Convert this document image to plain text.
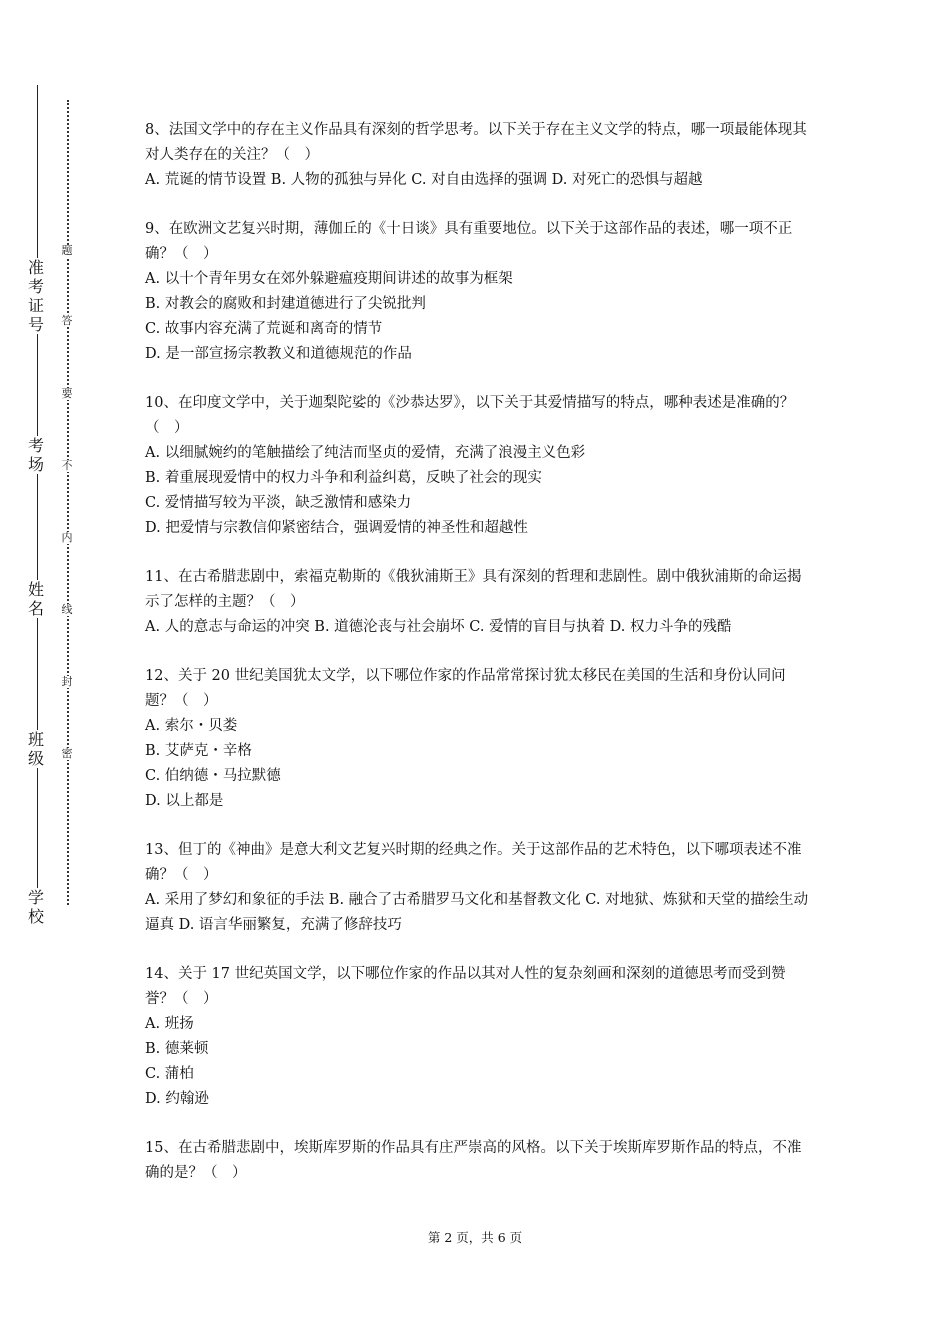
准考证号
考场
姓名
班级
学校
题
答
要
不
内
线
封
密

8、法国文学中的存在主义作品具有深刻的哲学思考。以下关于存在主义文学的特点，哪一项最能体现其对人类存在的关注？（　）

A. 荒诞的情节设置 B. 人物的孤独与异化 C. 对自由选择的强调 D. 对死亡的恐惧与超越

9、在欧洲文艺复兴时期，薄伽丘的《十日谈》具有重要地位。以下关于这部作品的表述，哪一项不正确？（　）

A. 以十个青年男女在郊外躲避瘟疫期间讲述的故事为框架

B. 对教会的腐败和封建道德进行了尖锐批判

C. 故事内容充满了荒诞和离奇的情节

D. 是一部宣扬宗教教义和道德规范的作品

10、在印度文学中，关于迦梨陀娑的《沙恭达罗》，以下关于其爱情描写的特点，哪种表述是准确的？（　）

A. 以细腻婉约的笔触描绘了纯洁而坚贞的爱情，充满了浪漫主义色彩

B. 着重展现爱情中的权力斗争和利益纠葛，反映了社会的现实

C. 爱情描写较为平淡，缺乏激情和感染力

D. 把爱情与宗教信仰紧密结合，强调爱情的神圣性和超越性

11、在古希腊悲剧中，索福克勒斯的《俄狄浦斯王》具有深刻的哲理和悲剧性。剧中俄狄浦斯的命运揭示了怎样的主题？（　）

A. 人的意志与命运的冲突 B. 道德沦丧与社会崩坏 C. 爱情的盲目与执着 D. 权力斗争的残酷

12、关于 20 世纪美国犹太文学，以下哪位作家的作品常常探讨犹太移民在美国的生活和身份认同问题？（　）

A. 索尔・贝娄

B. 艾萨克・辛格

C. 伯纳德・马拉默德

D. 以上都是

13、但丁的《神曲》是意大利文艺复兴时期的经典之作。关于这部作品的艺术特色，以下哪项表述不准确？（　）

A. 采用了梦幻和象征的手法 B. 融合了古希腊罗马文化和基督教文化 C. 对地狱、炼狱和天堂的描绘生动逼真 D. 语言华丽繁复，充满了修辞技巧

14、关于 17 世纪英国文学，以下哪位作家的作品以其对人性的复杂刻画和深刻的道德思考而受到赞誉？（　）

A. 班扬

B. 德莱顿

C. 蒲柏

D. 约翰逊

15、在古希腊悲剧中，埃斯库罗斯的作品具有庄严崇高的风格。以下关于埃斯库罗斯作品的特点，不准确的是？（　）

第 2 页，共 6 页
